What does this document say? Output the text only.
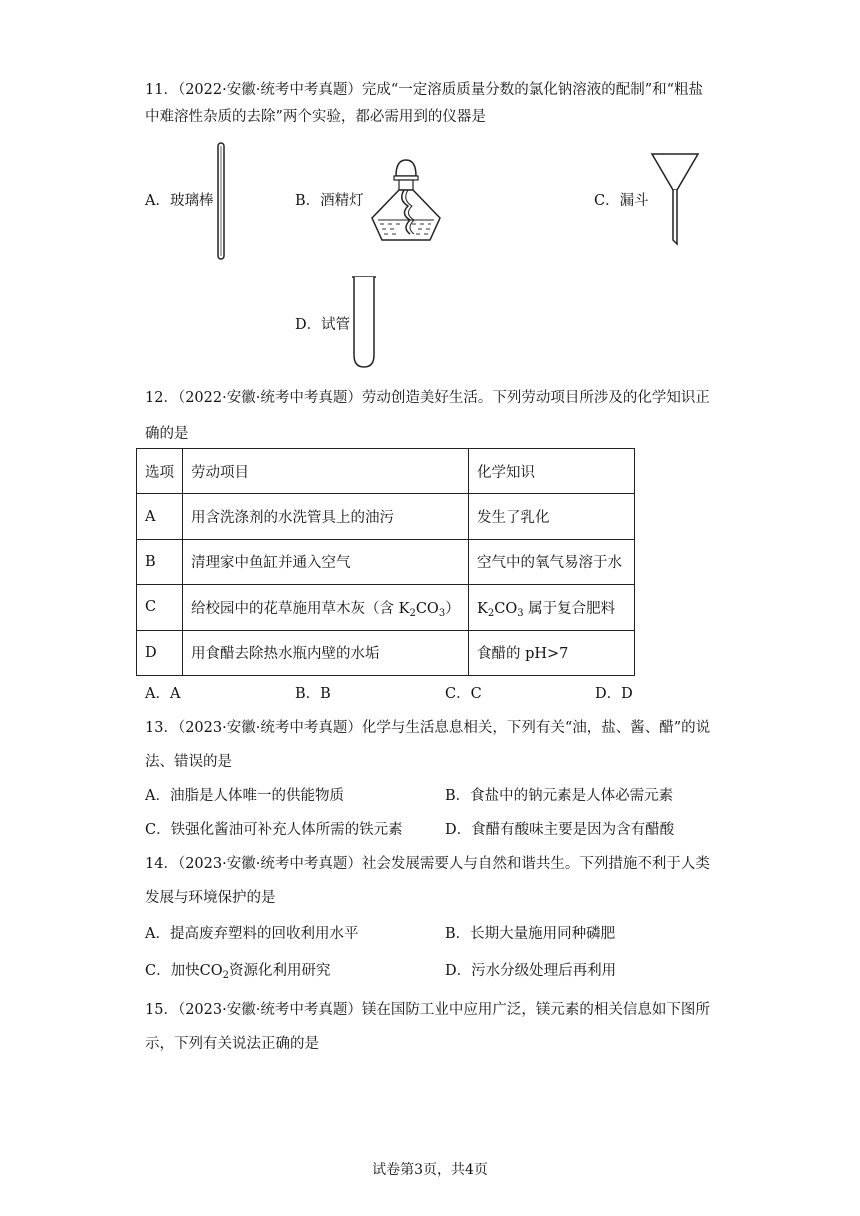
11．（2022·安徽·统考中考真题）完成“一定溶质质量分数的氯化钠溶液的配制”和“粗盐
中难溶性杂质的去除”两个实验，都必需用到的仪器是
A．玻璃棒	B．酒精灯	C．漏斗
D．试管
12．（2022·安徽·统考中考真题）劳动创造美好生活。下列劳动项目所涉及的化学知识正
确的是
选项	劳动项目	化学知识
A	用含洗涤剂的水洗管具上的油污	发生了乳化
B	清理家中鱼缸并通入空气	空气中的氧气易溶于水
C	给校园中的花草施用草木灰（含 $K_2CO_3$）	$K_2CO_3$ 属于复合肥料
D	用食醋去除热水瓶内壁的水垢	食醋的 pH>7
A．A	B．B	C．C	D．D
13．（2023·安徽·统考中考真题）化学与生活息息相关，下列有关“油，盐、酱、醋”的说
法、错误的是
A．油脂是人体唯一的供能物质	B．食盐中的钠元素是人体必需元素
C．铁强化酱油可补充人体所需的铁元素	D．食醋有酸味主要是因为含有醋酸
14．（2023·安徽·统考中考真题）社会发展需要人与自然和谐共生。下列措施不利于人类
发展与环境保护的是
A．提高废弃塑料的回收利用水平	B．长期大量施用同种磷肥
C．加快$CO_2$资源化利用研究	D．污水分级处理后再利用
15．（2023·安徽·统考中考真题）镁在国防工业中应用广泛，镁元素的相关信息如下图所
示，下列有关说法正确的是
试卷第3页，共4页
